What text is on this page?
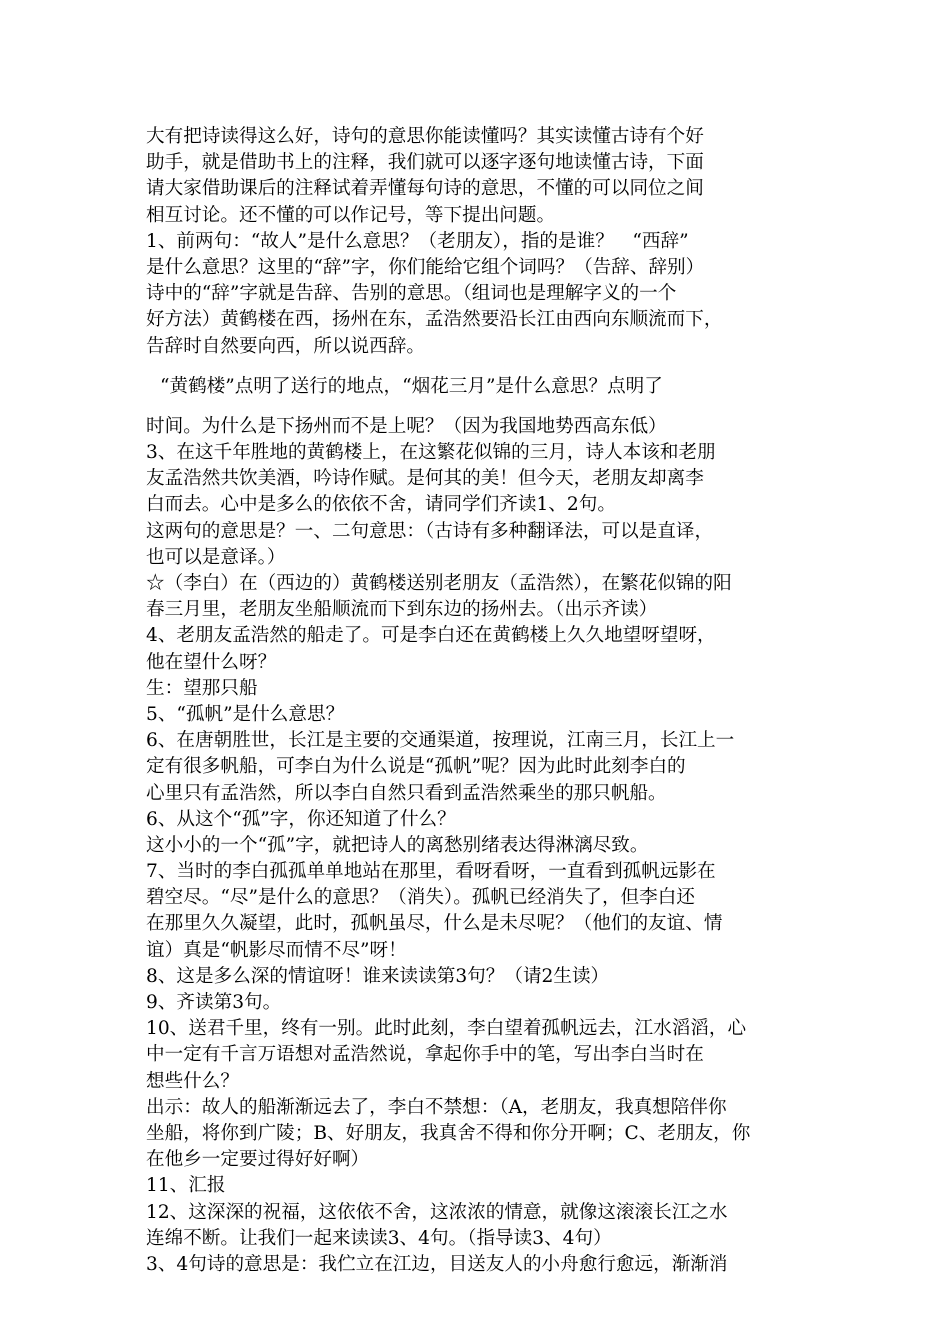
大有把诗读得这么好，诗句的意思你能读懂吗？其实读懂古诗有个好
助手，就是借助书上的注释，我们就可以逐字逐句地读懂古诗，下面
请大家借助课后的注释试着弄懂每句诗的意思，不懂的可以同位之间
相互讨论。还不懂的可以作记号，等下提出问题。
1、前两句：“故人”是什么意思？（老朋友），指的是谁？　“西辞”
是什么意思？这里的“辞”字，你们能给它组个词吗？（告辞、辞别）
诗中的“辞”字就是告辞、告别的意思。（组词也是理解字义的一个
好方法）黄鹤楼在西，扬州在东，孟浩然要沿长江由西向东顺流而下，
告辞时自然要向西，所以说西辞。
“黄鹤楼”点明了送行的地点，“烟花三月”是什么意思？点明了
时间。为什么是下扬州而不是上呢？（因为我国地势西高东低）
3、在这千年胜地的黄鹤楼上，在这繁花似锦的三月，诗人本该和老朋
友孟浩然共饮美酒，吟诗作赋。是何其的美！但今天，老朋友却离李
白而去。心中是多么的依依不舍，请同学们齐读1、2句。
这两句的意思是？一、二句意思：（古诗有多种翻译法，可以是直译，
也可以是意译。）
☆（李白）在（西边的）黄鹤楼送别老朋友（孟浩然），在繁花似锦的阳
春三月里，老朋友坐船顺流而下到东边的扬州去。（出示齐读）
4、老朋友孟浩然的船走了。可是李白还在黄鹤楼上久久地望呀望呀，
他在望什么呀？
生：望那只船
5、“孤帆”是什么意思？
6、在唐朝胜世，长江是主要的交通渠道，按理说，江南三月，长江上一
定有很多帆船，可李白为什么说是“孤帆”呢？因为此时此刻李白的
心里只有孟浩然，所以李白自然只看到孟浩然乘坐的那只帆船。
6、从这个“孤”字，你还知道了什么？
这小小的一个“孤”字，就把诗人的离愁别绪表达得淋漓尽致。
7、当时的李白孤孤单单地站在那里，看呀看呀，一直看到孤帆远影在
碧空尽。“尽”是什么的意思？（消失）。孤帆已经消失了，但李白还
在那里久久凝望，此时，孤帆虽尽，什么是未尽呢？（他们的友谊、情
谊）真是“帆影尽而情不尽”呀！
8、这是多么深的情谊呀！谁来读读第3句？（请2生读）
9、齐读第3句。
10、送君千里，终有一别。此时此刻，李白望着孤帆远去，江水滔滔，心
中一定有千言万语想对孟浩然说，拿起你手中的笔，写出李白当时在
想些什么？
出示：故人的船渐渐远去了，李白不禁想：（A，老朋友，我真想陪伴你
坐船，将你到广陵；B、好朋友，我真舍不得和你分开啊；C、老朋友，你
在他乡一定要过得好好啊）
11、汇报
12、这深深的祝福，这依依不舍，这浓浓的情意，就像这滚滚长江之水
连绵不断。让我们一起来读读3、4句。（指导读3、4句）
3、4句诗的意思是：我伫立在江边，目送友人的小舟愈行愈远，渐渐消
